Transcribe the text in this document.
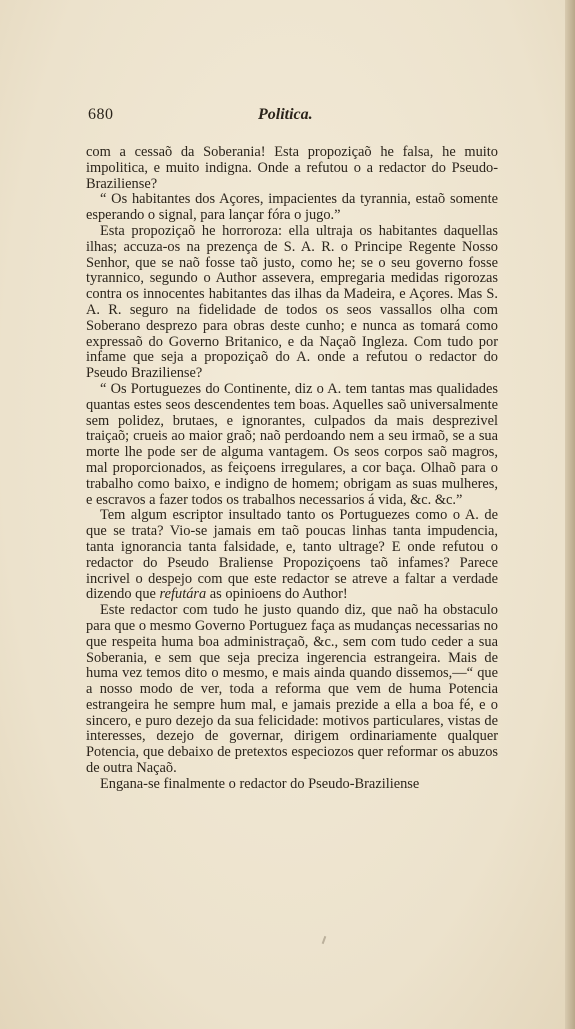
680	Politica.

com a cessaõ da Soberania! Esta propoziçaõ he falsa, he muito impolitica, e muito indigna. Onde a refutou o a redactor do Pseudo-Braziliense?

“ Os habitantes dos Açores, impacientes da tyrannia, estaõ somente esperando o signal, para lançar fóra o jugo.”

Esta propoziçaõ he horroroza: ella ultraja os habitantes daquellas ilhas; accuza-os na prezença de S. A. R. o Principe Regente Nosso Senhor, que se naõ fosse taõ justo, como he; se o seu governo fosse tyrannico, segundo o Author assevera, empregaria medidas rigorozas contra os innocentes habitantes das ilhas da Madeira, e Açores. Mas S. A. R. seguro na fidelidade de todos os seos vassallos olha com Soberano desprezo para obras deste cunho; e nunca as tomará como expressaõ do Governo Britanico, e da Naçaõ Ingleza. Com tudo por infame que seja a propoziçaõ do A. onde a refutou o redactor do Pseudo Braziliense?

“ Os Portuguezes do Continente, diz o A. tem tantas mas qualidades quantas estes seos descendentes tem boas. Aquelles saõ universalmente sem polidez, brutaes, e ignorantes, culpados da mais desprezivel traiçaõ; crueis ao maior graõ; naõ perdoando nem a seu irmaõ, se a sua morte lhe pode ser de alguma vantagem. Os seos corpos saõ magros, mal proporcionados, as feiçoens irregulares, a cor baça. Olhaõ para o trabalho como baixo, e indigno de homem; obrigam as suas mulheres, e escravos a fazer todos os trabalhos necessarios á vida, &c. &c.”

Tem algum escriptor insultado tanto os Portuguezes como o A. de que se trata? Vio-se jamais em taõ poucas linhas tanta impudencia, tanta ignorancia tanta falsidade, e, tanto ultrage? E onde refutou o redactor do Pseudo Braliense Propoziçoens taõ infames? Parece incrivel o despejo com que este redactor se atreve a faltar a verdade dizendo que refutára as opinioens do Author!

Este redactor com tudo he justo quando diz, que naõ ha obstaculo para que o mesmo Governo Portuguez faça as mudanças necessarias no que respeita huma boa administraçaõ, &c., sem com tudo ceder a sua Soberania, e sem que seja preciza ingerencia estrangeira. Mais de huma vez temos dito o mesmo, e mais ainda quando dissemos,—“ que a nosso modo de ver, toda a reforma que vem de huma Potencia estrangeira he sempre hum mal, e jamais prezide a ella a boa fé, e o sincero, e puro dezejo da sua felicidade: motivos particulares, vistas de interesses, dezejo de governar, dirigem ordinariamente qualquer Potencia, que debaixo de pretextos especiozos quer reformar os abuzos de outra Naçaõ.

Engana-se finalmente o redactor do Pseudo-Braziliense
